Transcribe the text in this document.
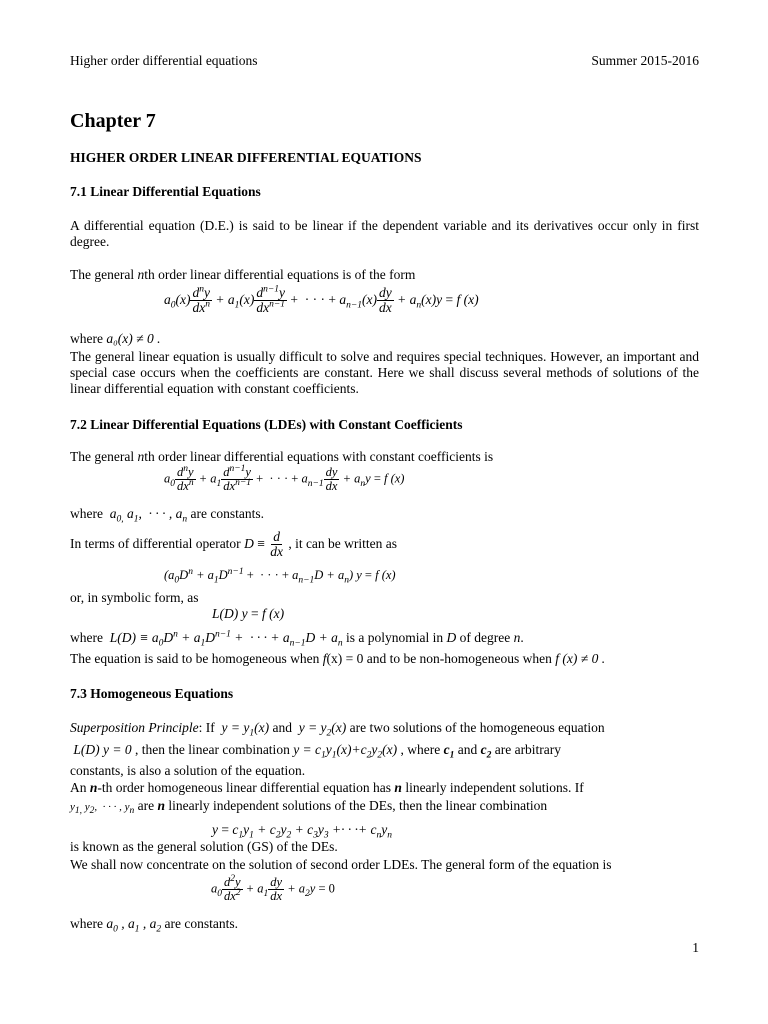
Higher order differential equations	Summer 2015-2016
Chapter 7
HIGHER ORDER LINEAR DIFFERENTIAL EQUATIONS
7.1 Linear Differential Equations
A differential equation (D.E.) is said to be linear if the dependent variable and its derivatives occur only in first degree.
The general nth order linear differential equations is of the form
$a_0(x)$ $d^ny$
$dx^n + a_1(x)$ $d^{n-1}y$
$dx^{n-1}$ +  · · · + $a_{n-1}(x) \frac{dy}{dx} + a_n(x)y = f$ (x)
where a₀(x) ≠ 0 .
The general linear equation is usually difficult to solve and requires special techniques. However, an important and special case occurs when the coefficients are constant. Here we shall discuss several methods of solutions of the linear differential equation with constant coefficients.
7.2 Linear Differential Equations (LDEs) with Constant Coefficients
The general nth order linear differential equations with constant coefficients is
$a_0$
$d^ny$
$dx^n + a_1$
$d^{n-1}y$
$dx^{n-1}$ +  · · · + $a_{n-1} \frac{dy}{dx} + a_ny = f$ (x)
where  $a_{0,}$ $a_1$,  · · · , $a_n$ are constants.
In terms of differential operator $D \equiv \frac{d}{dx}$ , it can be written as
($a_0D^n + a_1D^{n-1}$ +  · · · + $a_{n-1}D + a_n$) y = f (x)
or, in symbolic form, as
L(D) y = f (x)
where  $L(D) \equiv a_0D^n + a_1D^{n-1}$ +  · · · + $a_{n-1}D + a_n$ is a polynomial in D of degree n.
The equation is said to be homogeneous when f(x) = 0 and to be non-homogeneous when f (x) ≠ 0 .
7.3 Homogeneous Equations
Superposition Principle: If  $y = y_1(x)$ and  $y = y_2(x)$ are two solutions of the homogeneous equation
L(D) y = 0 , then the linear combination $y = c_1y_1(x)+c_2y_2(x)$ , where $c_1$ and $c_2$ are arbitrary
constants, is also a solution of the equation.
An n-th order homogeneous linear differential equation has n linearly independent solutions. If
$y_{1,}$ $y_2$,  · · · , $y_n$ are n linearly independent solutions of the DEs, then the linear combination
$y = c_1y_1 + c_2y_2 + c_3y_3$ +· · ·+ $c_ny_n$
is known as the general solution (GS) of the DEs.
We shall now concentrate on the solution of second order LDEs. The general form of the equation is
$a_0 \frac{d^2y}{dx^2} + a_1 \frac{dy}{dx} + a_2y = 0$
where $a_0$ , $a_1$ , $a_2$ are constants.
1
